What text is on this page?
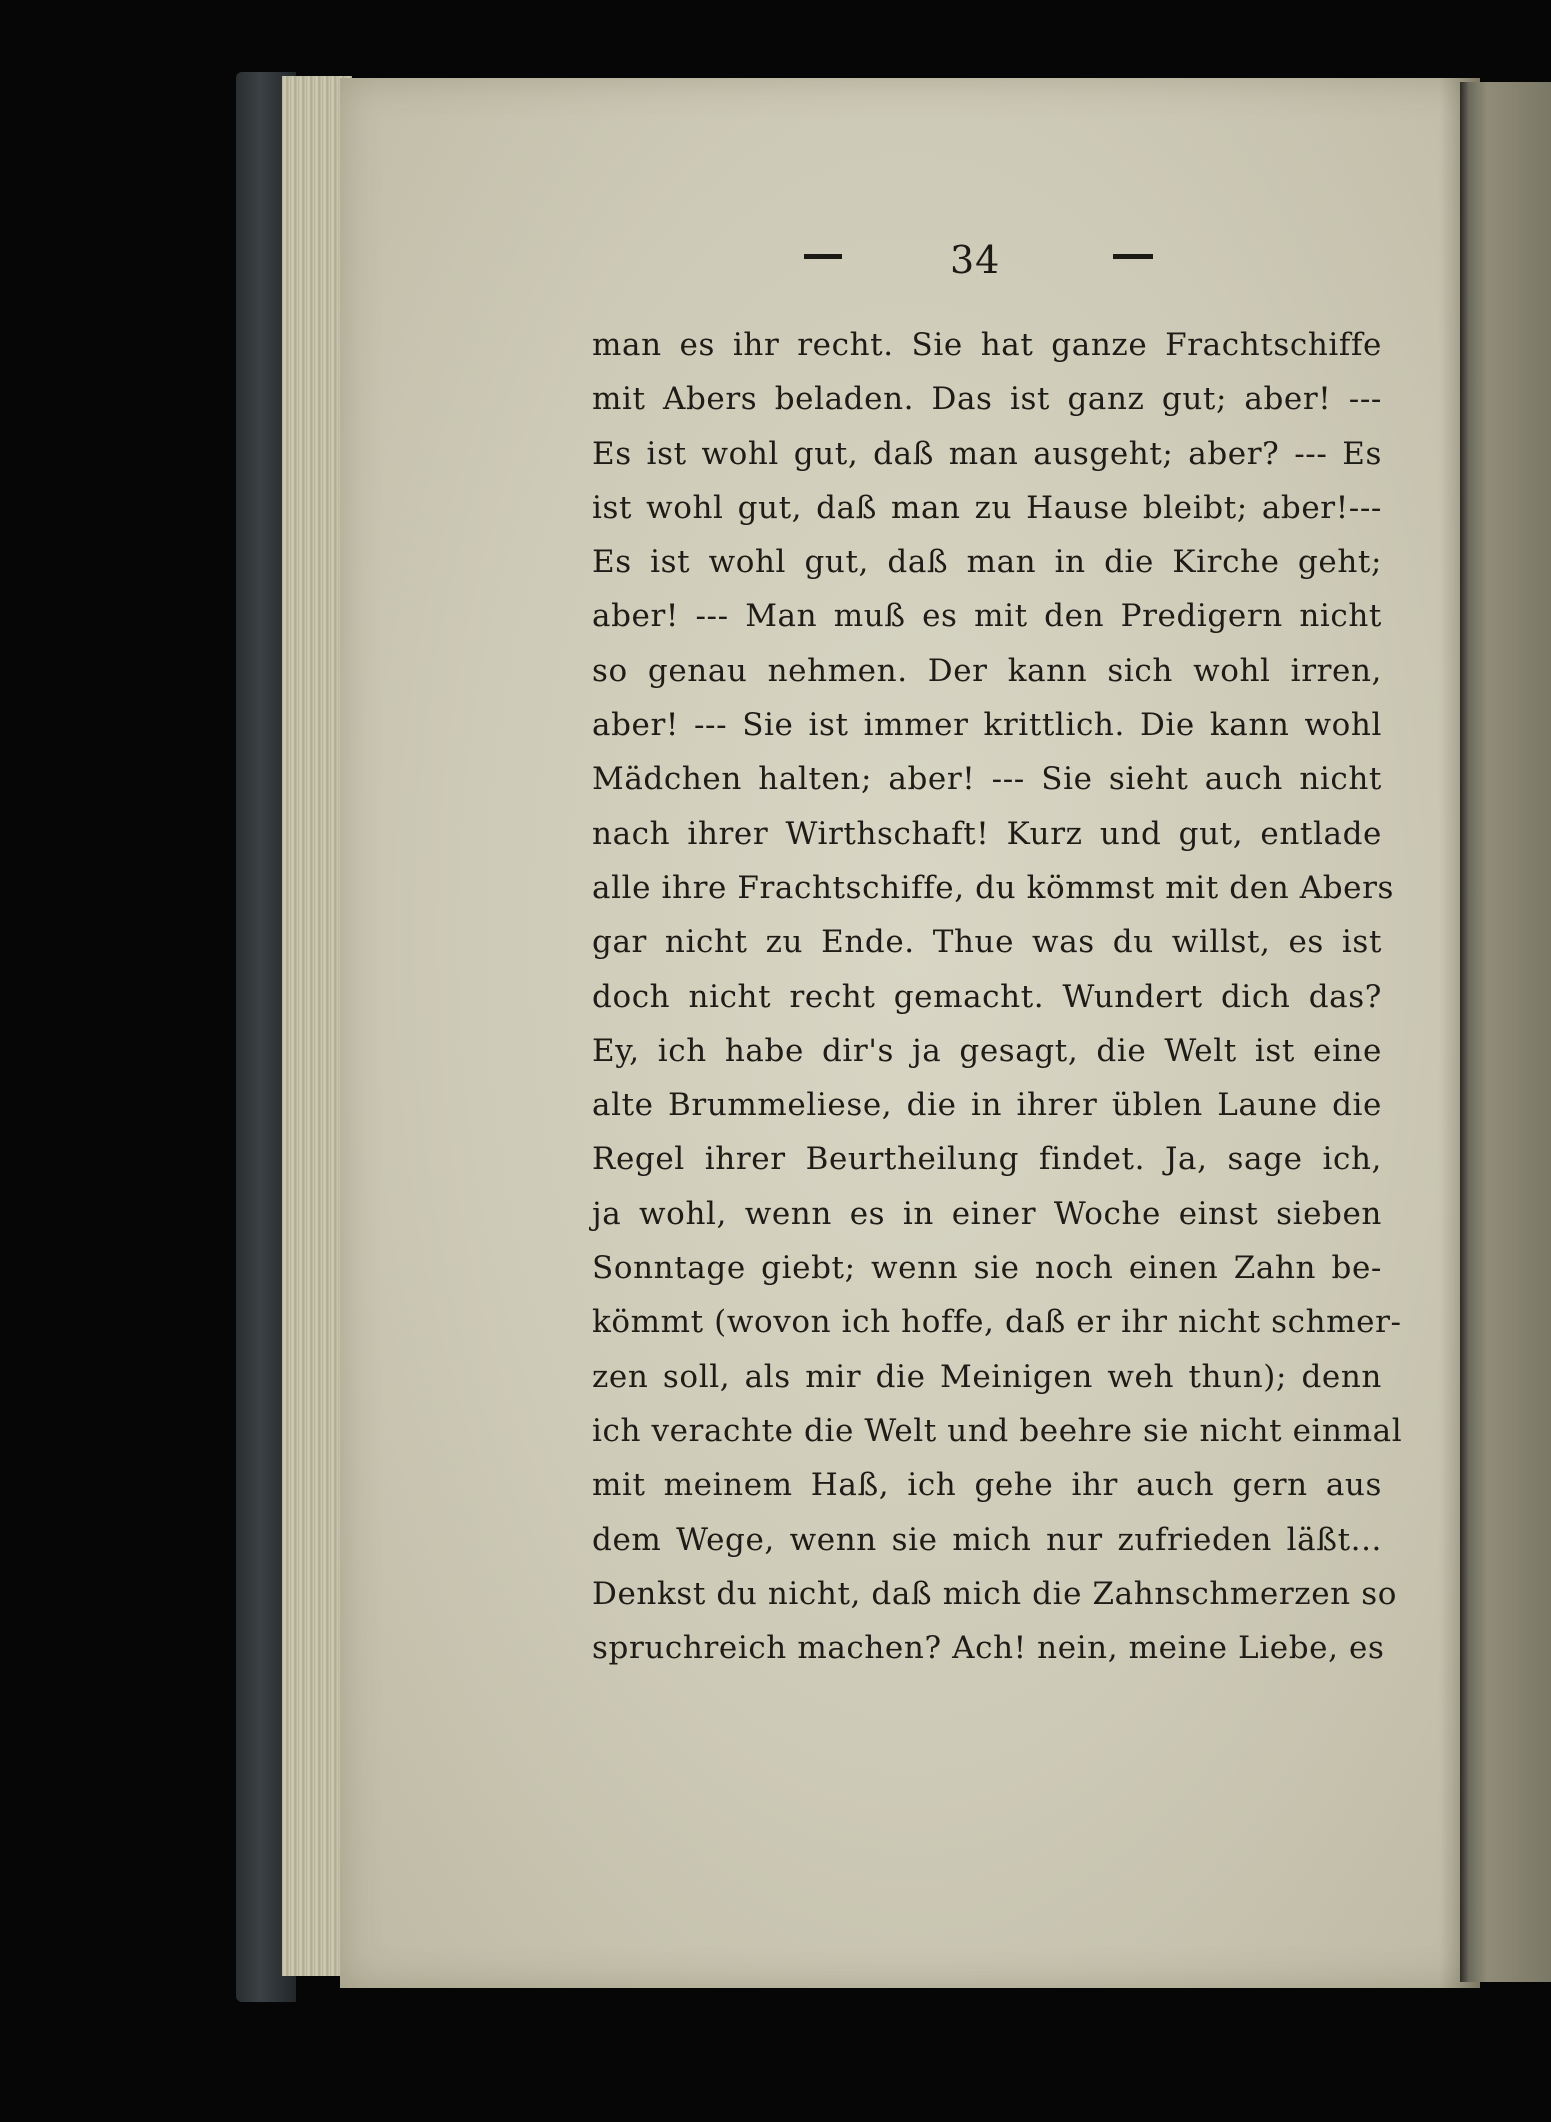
34
man es ihr recht. Sie hat ganze Frachtschiffe
mit Abers beladen. Das ist ganz gut; aber! ---
Es ist wohl gut, daß man ausgeht; aber? --- Es
ist wohl gut, daß man zu Hause bleibt; aber!---
Es ist wohl gut, daß man in die Kirche geht;
aber! --- Man muß es mit den Predigern nicht
so genau nehmen. Der kann sich wohl irren,
aber! --- Sie ist immer krittlich. Die kann wohl
Mädchen halten; aber! --- Sie sieht auch nicht
nach ihrer Wirthschaft! Kurz und gut, entlade
alle ihre Frachtschiffe, du kömmst mit den Abers
gar nicht zu Ende. Thue was du willst, es ist
doch nicht recht gemacht. Wundert dich das?
Ey, ich habe dir's ja gesagt, die Welt ist eine
alte Brummeliese, die in ihrer üblen Laune die
Regel ihrer Beurtheilung findet. Ja, sage ich,
ja wohl, wenn es in einer Woche einst sieben
Sonntage giebt; wenn sie noch einen Zahn be-
kömmt (wovon ich hoffe, daß er ihr nicht schmer-
zen soll, als mir die Meinigen weh thun); denn
ich verachte die Welt und beehre sie nicht einmal
mit meinem Haß, ich gehe ihr auch gern aus
dem Wege, wenn sie mich nur zufrieden läßt...
Denkst du nicht, daß mich die Zahnschmerzen so
spruchreich machen? Ach! nein, meine Liebe, es
